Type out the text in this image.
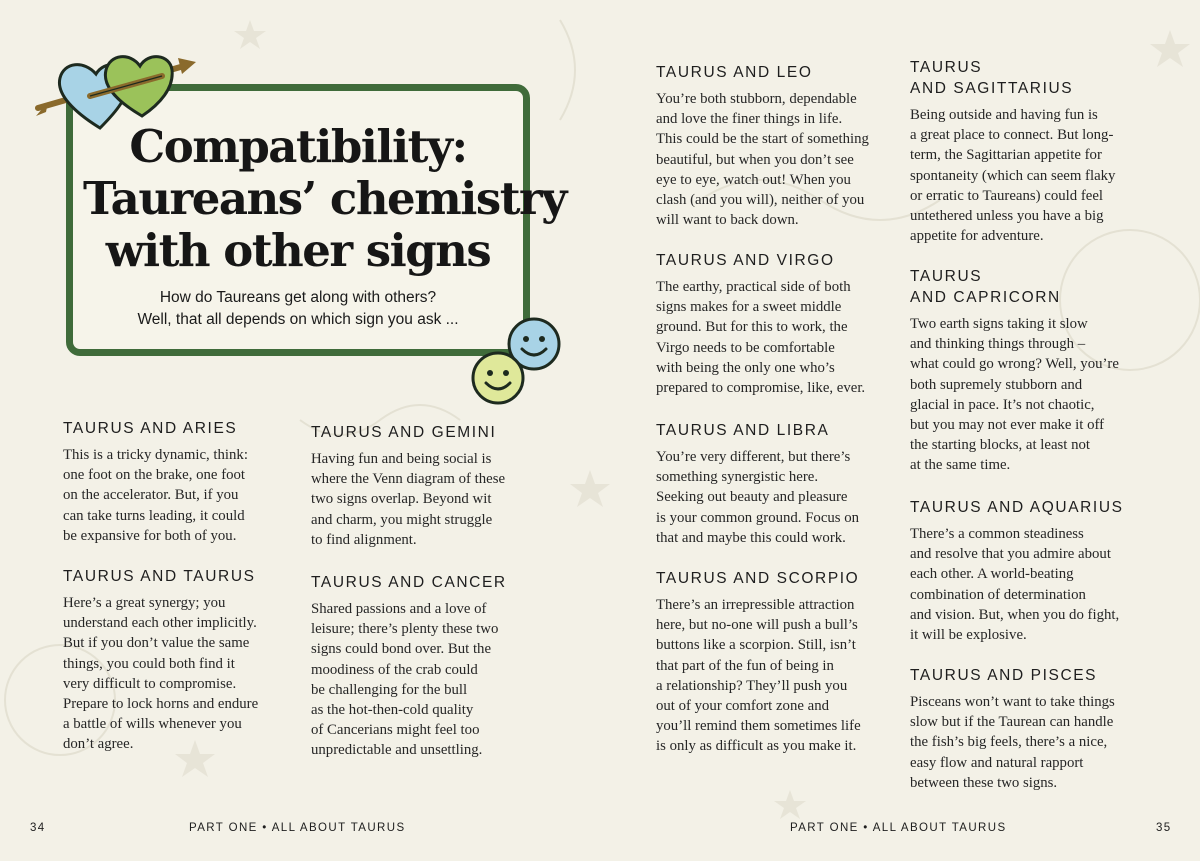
Compatibility:
Taureans’ chemistry
with other signs
How do Taureans get along with others?
Well, that all depends on which sign you ask ...
TAURUS AND ARIES
This is a tricky dynamic, think:
one foot on the brake, one foot
on the accelerator. But, if you
can take turns leading, it could
be expansive for both of you.
TAURUS AND TAURUS
Here’s a great synergy; you
understand each other implicitly.
But if you don’t value the same
things, you could both find it
very difficult to compromise.
Prepare to lock horns and endure
a battle of wills whenever you
don’t agree.
TAURUS AND GEMINI
Having fun and being social is
where the Venn diagram of these
two signs overlap. Beyond wit
and charm, you might struggle
to find alignment.
TAURUS AND CANCER
Shared passions and a love of
leisure; there’s plenty these two
signs could bond over. But the
moodiness of the crab could
be challenging for the bull
as the hot-then-cold quality
of Cancerians might feel too
unpredictable and unsettling.
34	PART ONE • ALL ABOUT TAURUS
TAURUS AND LEO
You’re both stubborn, dependable
and love the finer things in life.
This could be the start of something
beautiful, but when you don’t see
eye to eye, watch out! When you
clash (and you will), neither of you
will want to back down.
TAURUS AND VIRGO
The earthy, practical side of both
signs makes for a sweet middle
ground. But for this to work, the
Virgo needs to be comfortable
with being the only one who’s
prepared to compromise, like, ever.
TAURUS AND LIBRA
You’re very different, but there’s
something synergistic here.
Seeking out beauty and pleasure
is your common ground. Focus on
that and maybe this could work.
TAURUS AND SCORPIO
There’s an irrepressible attraction
here, but no-one will push a bull’s
buttons like a scorpion. Still, isn’t
that part of the fun of being in
a relationship? They’ll push you
out of your comfort zone and
you’ll remind them sometimes life
is only as difficult as you make it.
TAURUS
AND SAGITTARIUS
Being outside and having fun is
a great place to connect. But long-
term, the Sagittarian appetite for
spontaneity (which can seem flaky
or erratic to Taureans) could feel
untethered unless you have a big
appetite for adventure.
TAURUS
AND CAPRICORN
Two earth signs taking it slow
and thinking things through –
what could go wrong? Well, you’re
both supremely stubborn and
glacial in pace. It’s not chaotic,
but you may not ever make it off
the starting blocks, at least not
at the same time.
TAURUS AND AQUARIUS
There’s a common steadiness
and resolve that you admire about
each other. A world-beating
combination of determination
and vision. But, when you do fight,
it will be explosive.
TAURUS AND PISCES
Pisceans won’t want to take things
slow but if the Taurean can handle
the fish’s big feels, there’s a nice,
easy flow and natural rapport
between these two signs.
PART ONE • ALL ABOUT TAURUS	35
